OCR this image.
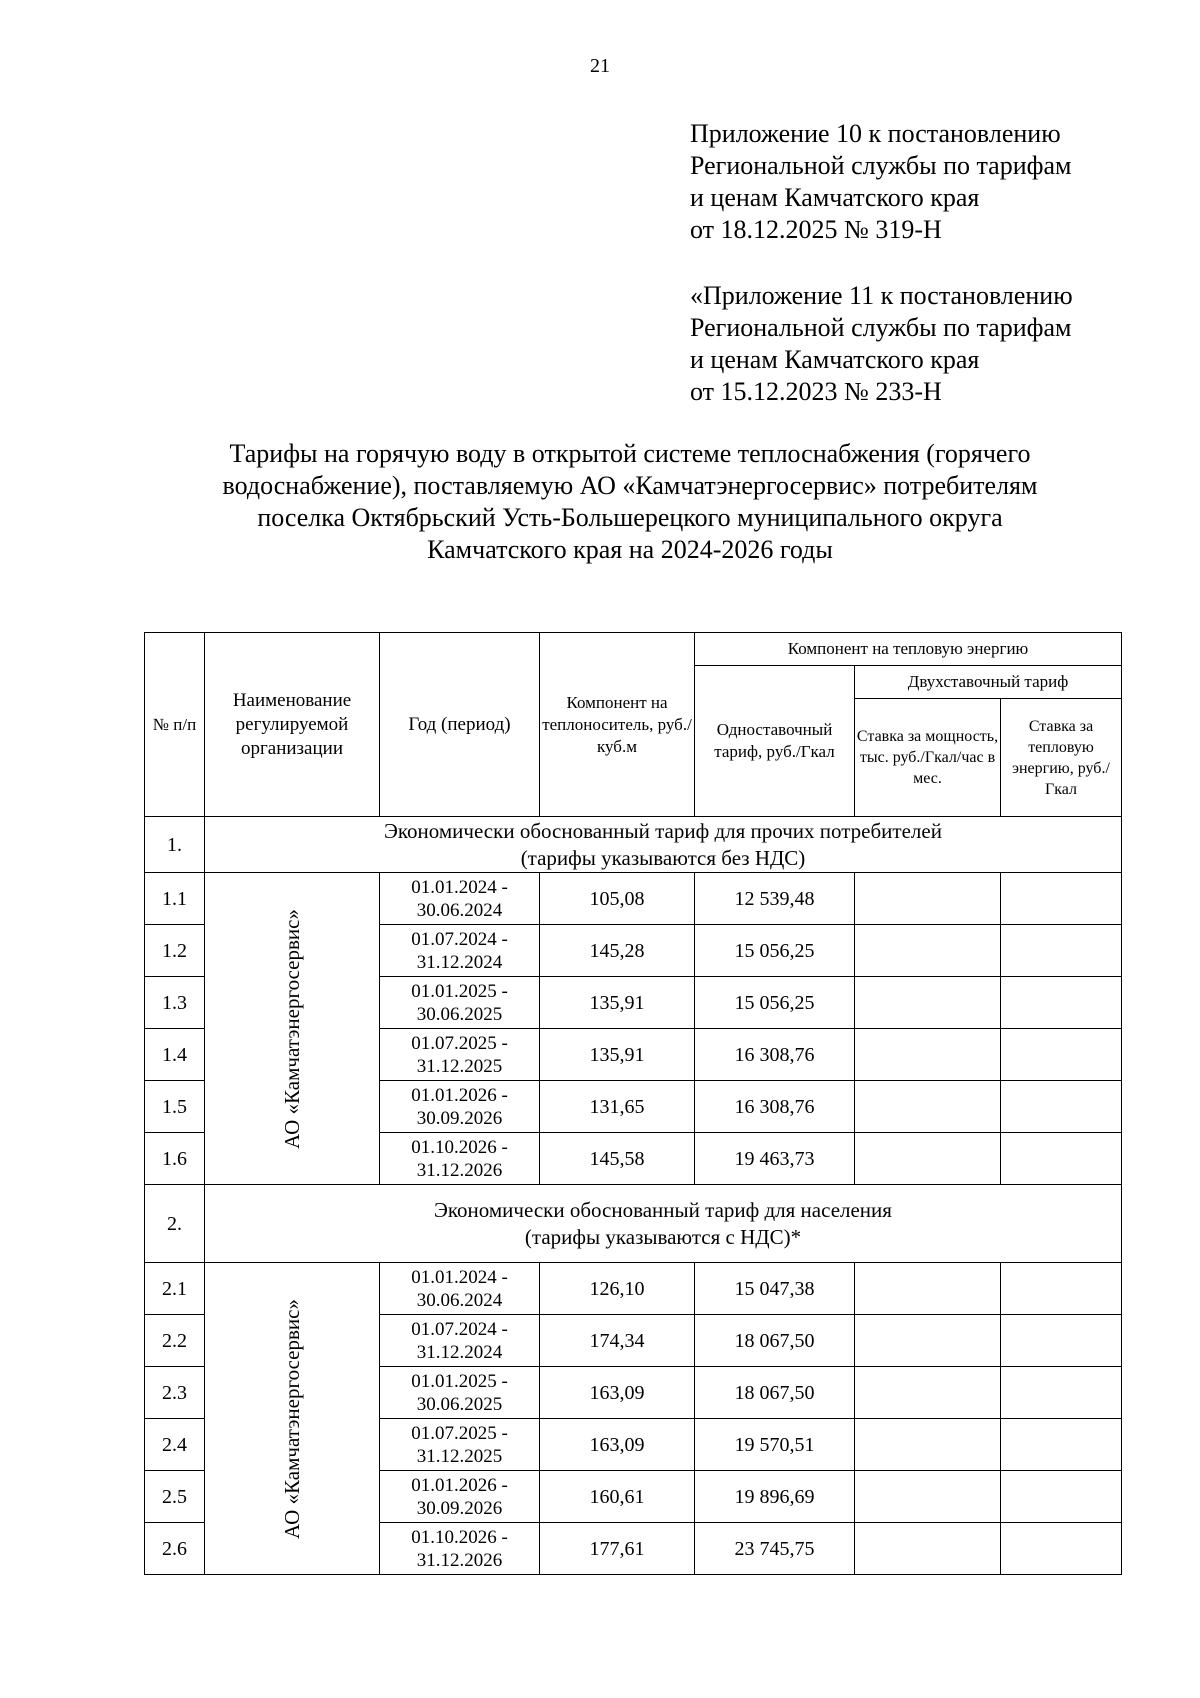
21
Приложение 10 к постановлению
Региональной службы по тарифам
и ценам Камчатского края
от 18.12.2025 № 319-Н
«Приложение 11 к постановлению
Региональной службы по тарифам
и ценам Камчатского края
от 15.12.2023 № 233-Н
Тарифы на горячую воду в открытой системе теплоснабжения (горячего
водоснабжение), поставляемую АО «Камчатэнергосервис» потребителям
поселка Октябрьский Усть-Большерецкого муниципального округа
Камчатского края на 2024-2026 годы
№ п/п	Наименование регулируемой организации	Год (период)	Компонент на теплоноситель, руб./куб.м	Компонент на тепловую энергию		
				Одноставочный тариф, руб./Гкал	Двухставочный тариф	
					Ставка за мощность, тыс. руб./Гкал/час в мес.	Ставка за тепловую энергию, руб./Гкал
1.	Экономически обоснованный тариф для прочих потребителей
(тарифы указываются без НДС)					

1.1	АО «Камчатэнергосервис»	01.01.2024 -
30.06.2024	105,08	12 539,48		
1.2		01.07.2024 -
31.12.2024	145,28	15 056,25		
1.3		01.01.2025 -
30.06.2025	135,91	15 056,25		
1.4		01.07.2025 -
31.12.2025	135,91	16 308,76		
1.5		01.01.2026 -
30.09.2026	131,65	16 308,76		
1.6		01.10.2026 -
31.12.2026	145,58	19 463,73		
2.	Экономически обоснованный тариф для населения
(тарифы указываются с НДС)*					

2.1	АО «Камчатэнергосервис»	01.01.2024 -
30.06.2024	126,10	15 047,38		
2.2		01.07.2024 -
31.12.2024	174,34	18 067,50		
2.3		01.01.2025 -
30.06.2025	163,09	18 067,50		
2.4		01.07.2025 -
31.12.2025	163,09	19 570,51		
2.5		01.01.2026 -
30.09.2026	160,61	19 896,69		
2.6		01.10.2026 -
31.12.2026	177,61	23 745,75		
